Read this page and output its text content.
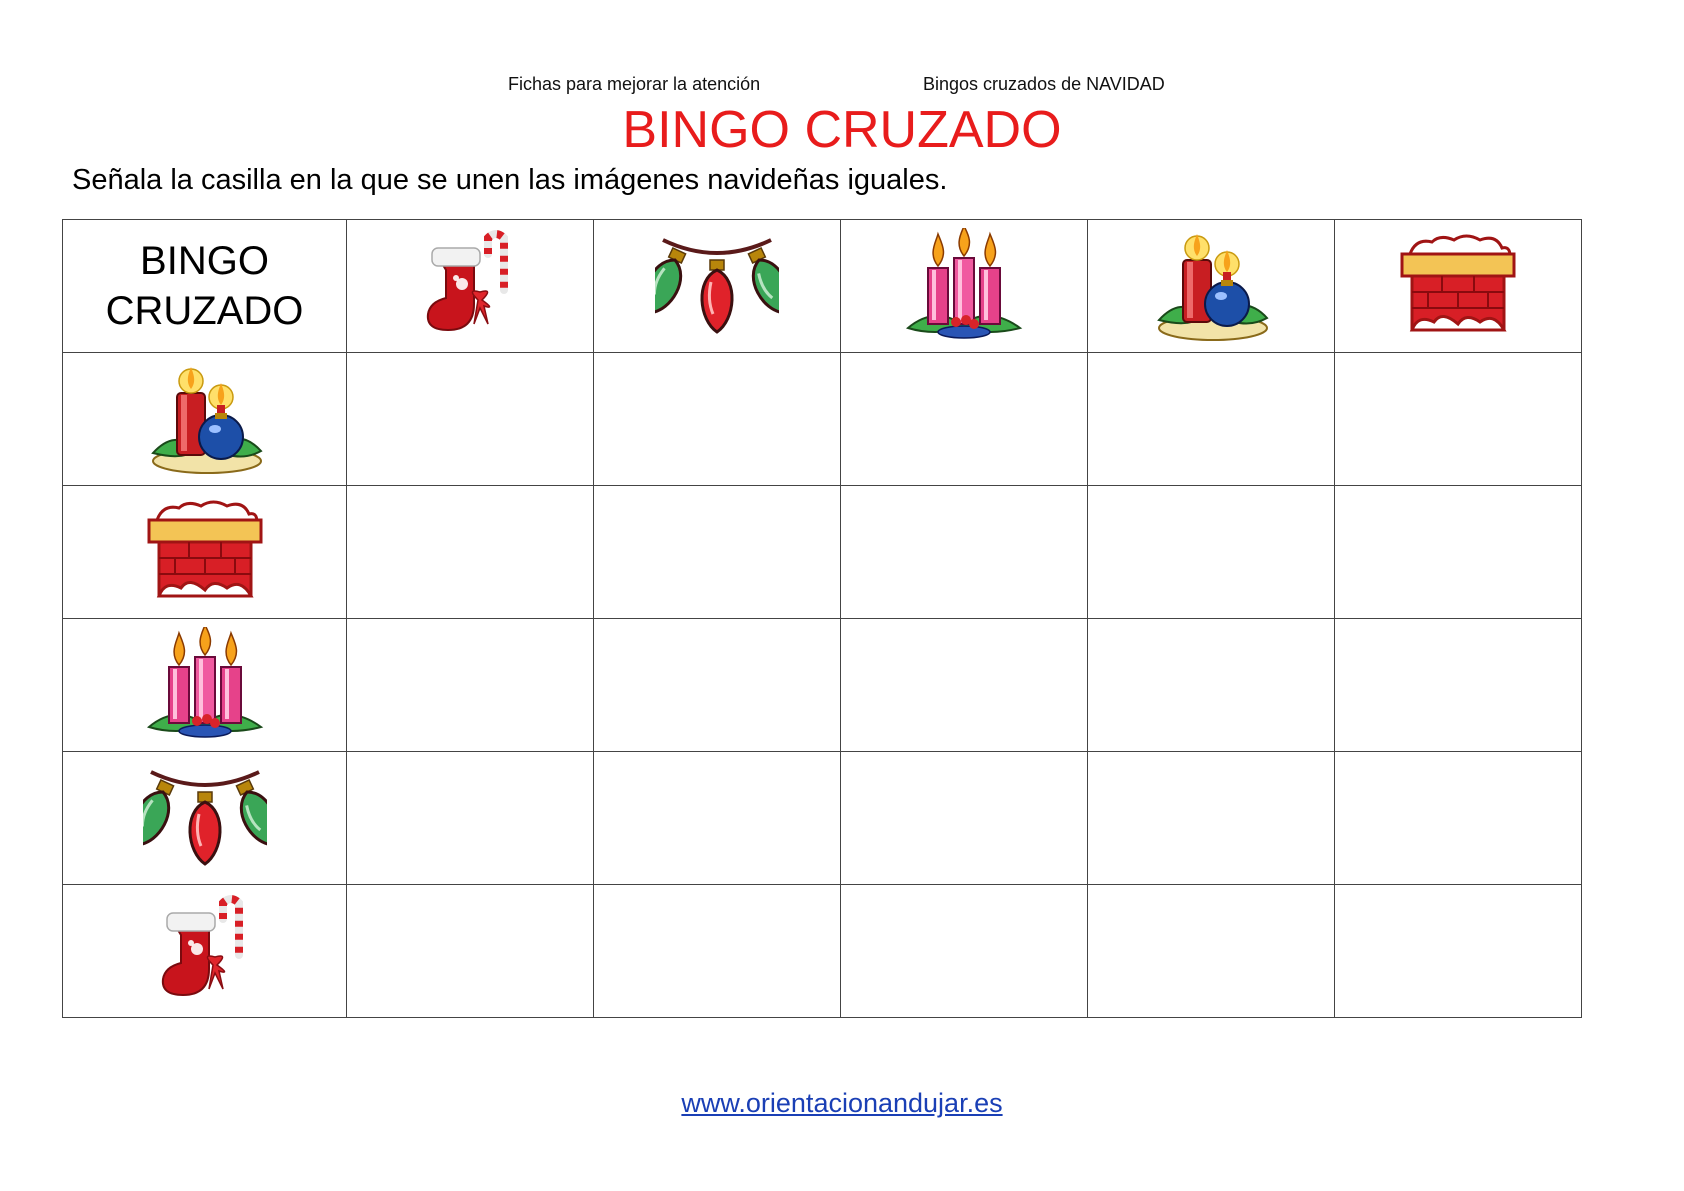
Fichas para mejorar la atención	Bingos cruzados de NAVIDAD
BINGO CRUZADO
Señala la casilla en la que se unen las imágenes navideñas iguales.
BINGO
CRUZADO

www.orientacionandujar.es
